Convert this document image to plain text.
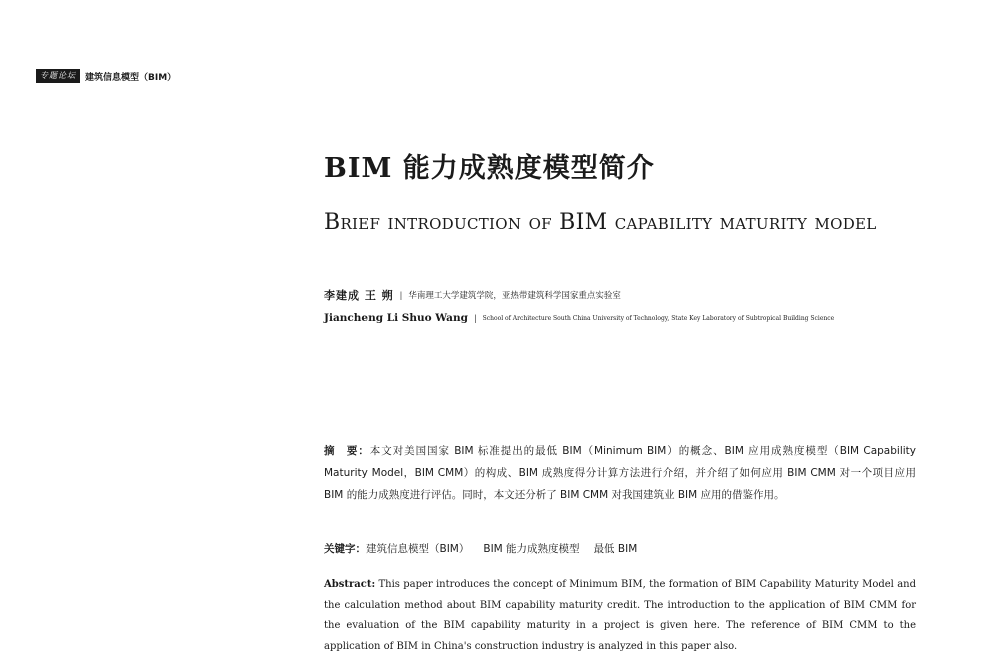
专题论坛	建筑信息模型（BIM）
BIM 能力成熟度模型简介
Brief introduction of BIM capability maturity model
李建成 王 朔 | 华南理工大学建筑学院，亚热带建筑科学国家重点实验室
Jiancheng Li Shuo Wang | School of Architecture South China University of Technology, State Key Laboratory of Subtropical Building Science
摘　要：本文对美国国家 BIM 标准提出的最低 BIM（Minimum BIM）的概念、BIM 应用成熟度模型（BIM Capability Maturity Model，BIM CMM）的构成、BIM 成熟度得分计算方法进行介绍，并介绍了如何应用 BIM CMM 对一个项目应用 BIM 的能力成熟度进行评估。同时，本文还分析了 BIM CMM 对我国建筑业 BIM 应用的借鉴作用。
关键字：建筑信息模型（BIM） BIM 能力成熟度模型 最低 BIM
Abstract: This paper introduces the concept of Minimum BIM, the formation of BIM Capability Maturity Model and the calculation method about BIM capability maturity credit. The introduction to the application of BIM CMM for the evaluation of the BIM capability maturity in a project is given here. The reference of BIM CMM to the application of BIM in China's construction industry is analyzed in this paper also.
